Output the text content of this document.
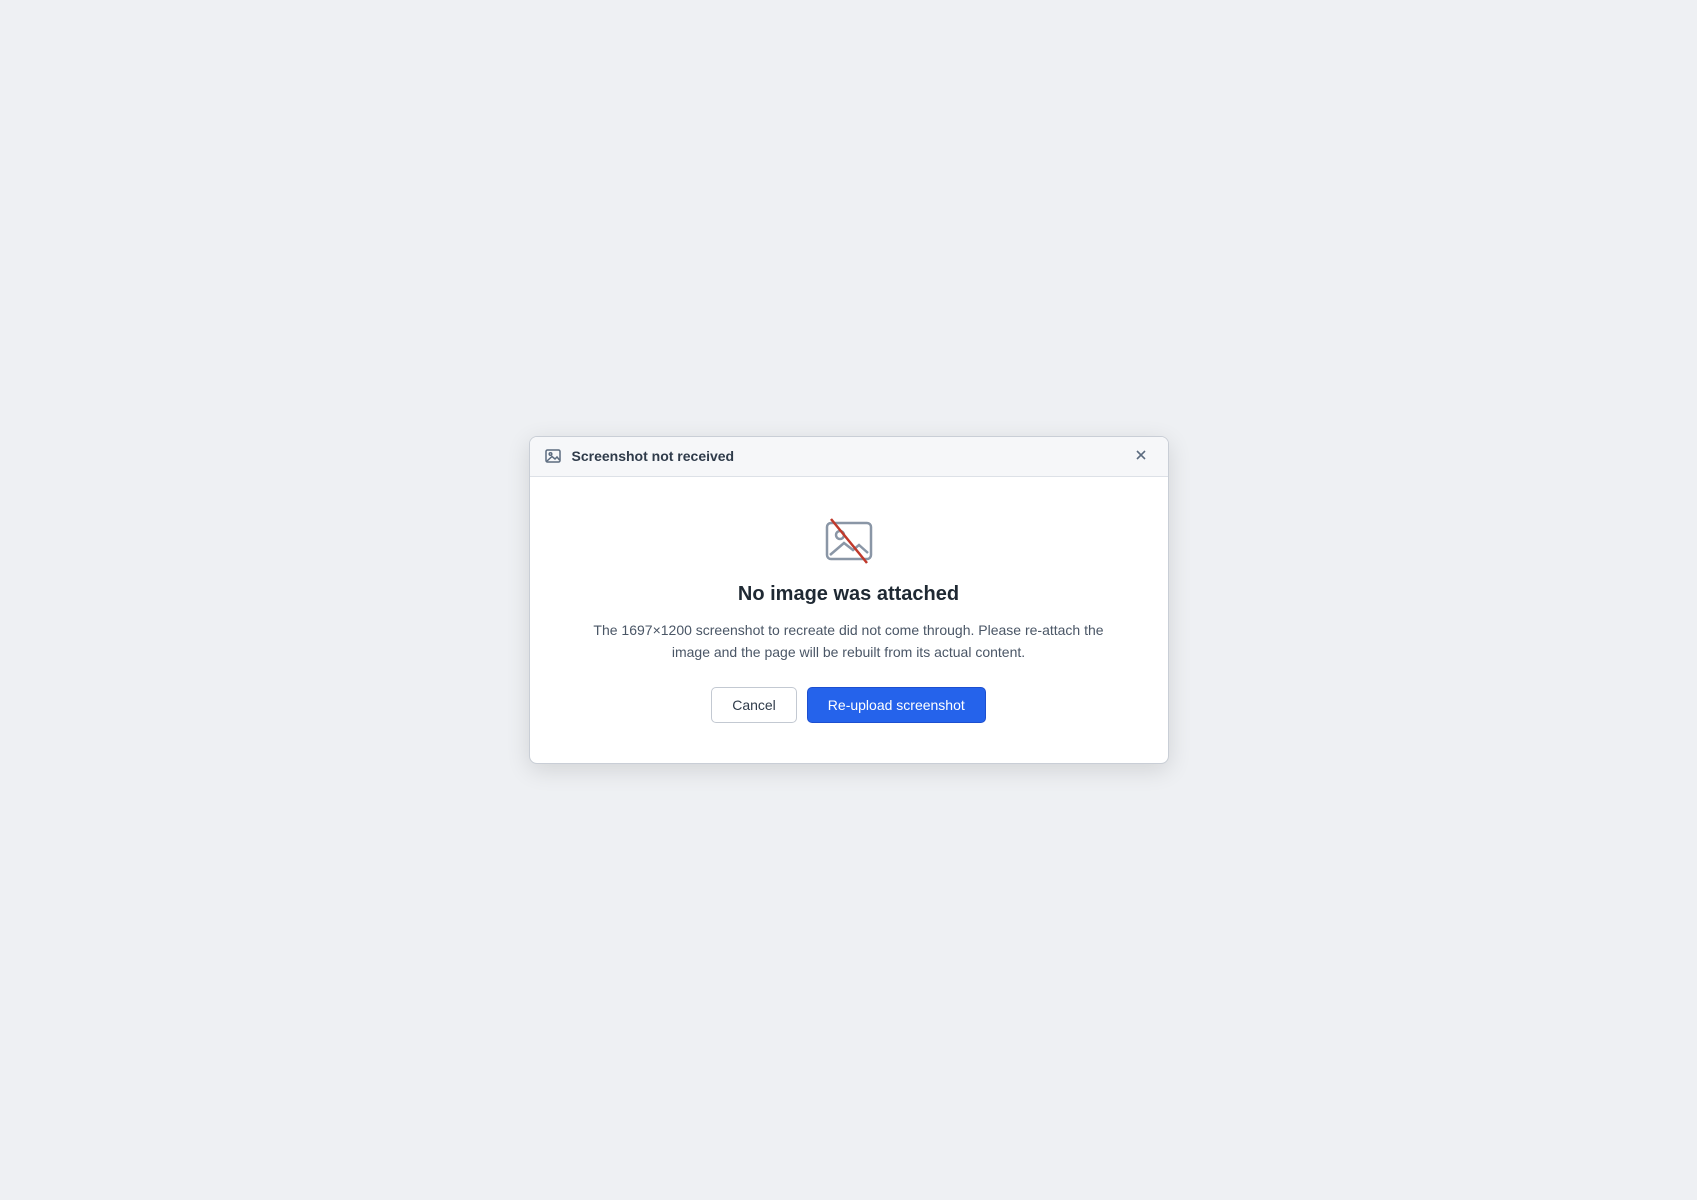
Screenshot not received
No image was attached

The 1697×1200 screenshot to recreate did not come through. Please re-attach the image and the page will be rebuilt from its actual content.

Cancel	Re-upload screenshot
